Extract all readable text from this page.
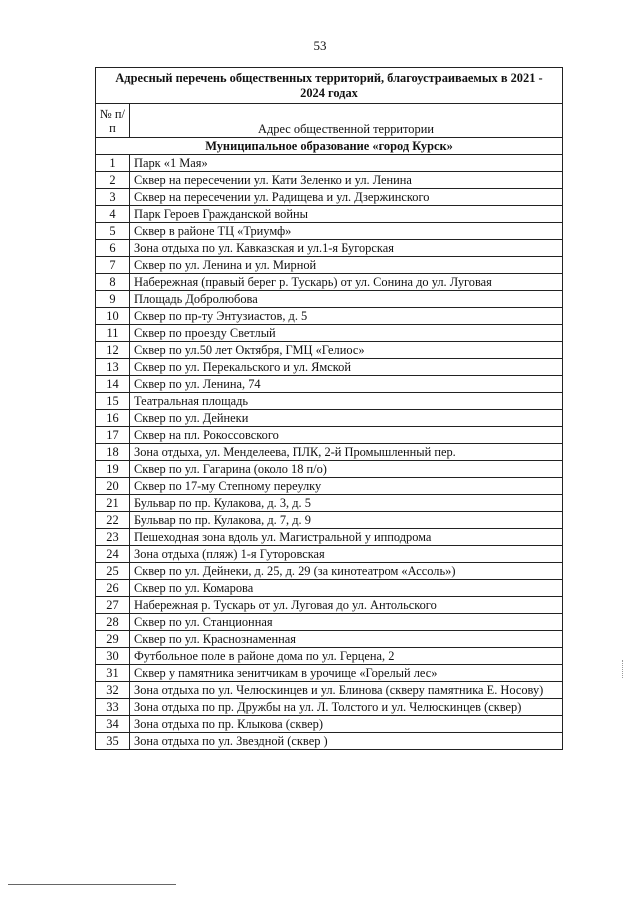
53
Адресный перечень общественных территорий, благоустраиваемых в 2021 - 2024 годах	
№ п/п	Адрес общественной территории
Муниципальное образование «город Курск»	
1	Парк «1 Мая»
2	Сквер на пересечении ул. Кати Зеленко и ул. Ленина
3	Сквер на пересечении ул. Радищева и ул. Дзержинского
4	Парк Героев Гражданской войны
5	Сквер в районе ТЦ «Триумф»
6	Зона отдыха по ул. Кавказская и ул.1-я Бугорская
7	Сквер по ул. Ленина и ул. Мирной
8	Набережная (правый берег р. Тускарь) от ул. Сонина до ул. Луговая
9	Площадь Добролюбова
10	Сквер по пр-ту Энтузиастов, д. 5
11	Сквер по проезду Светлый
12	Сквер по ул.50 лет Октября, ГМЦ «Гелиос»
13	Сквер по ул. Перекальского и ул. Ямской
14	Сквер по ул. Ленина, 74
15	Театральная площадь
16	Сквер по ул. Дейнеки
17	Сквер на пл. Рокоссовского
18	Зона отдыха, ул. Менделеева, ПЛК, 2-й Промышленный пер.
19	Сквер по ул. Гагарина (около 18 п/о)
20	Сквер по 17-му Степному переулку
21	Бульвар по пр. Кулакова, д. 3, д. 5
22	Бульвар по пр. Кулакова, д. 7, д. 9
23	Пешеходная зона вдоль ул. Магистральной у ипподрома
24	Зона отдыха (пляж) 1-я Гуторовская
25	Сквер по ул. Дейнеки, д. 25, д. 29 (за кинотеатром «Ассоль»)
26	Сквер по ул. Комарова
27	Набережная р. Тускарь от ул. Луговая до ул. Антольского
28	Сквер по ул. Станционная
29	Сквер по ул. Краснознаменная
30	Футбольное поле в районе дома по ул. Герцена, 2
31	Сквер у памятника зенитчикам в урочище «Горелый лес»
32	Зона отдыха по ул. Челюскинцев и ул. Блинова (скверу памятника Е. Носову)
33	Зона отдыха по пр. Дружбы на ул. Л. Толстого и ул. Челюскинцев (сквер)
34	Зона отдыха по пр. Клыкова (сквер)
35	Зона отдыха по ул. Звездной (сквер )
